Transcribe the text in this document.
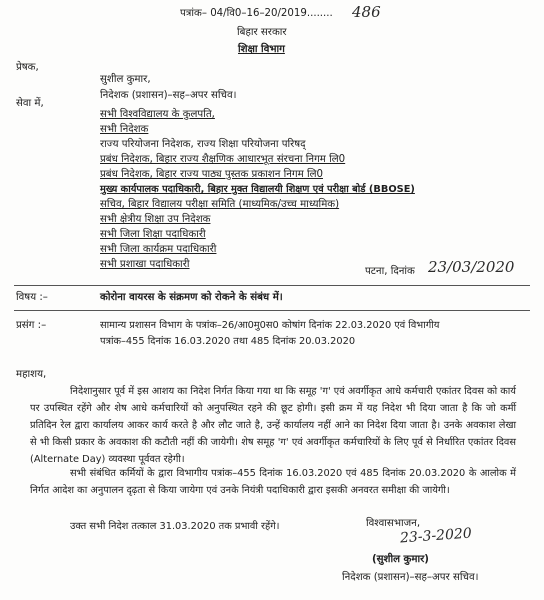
पत्रांक– 04/वि0–16–20/2019........ 486
बिहार सरकार
शिक्षा विभाग
प्रेषक,
सुशील कुमार,
निदेशक (प्रशासन)–सह–अपर सचिव।
सेवा में,
सभी विश्वविद्यालय के कुलपति,
सभी निदेशक
राज्य परियोजना निदेशक, राज्य शिक्षा परियोजना परिषद्
प्रबंध निदेशक, बिहार राज्य शैक्षणिक आधारभूत संरचना निगम लि0
प्रबंध निदेशक, बिहार राज्य पाठ्य पुस्तक प्रकाशन निगम लि0
मुख्य कार्यपालक पदाधिकारी, बिहार मुक्त विद्यालयी शिक्षण एवं परीक्षा बोर्ड (BBOSE)
सचिव, बिहार विद्यालय परीक्षा समिति (माध्यमिक/उच्च माध्यमिक)
सभी क्षेत्रीय शिक्षा उप निदेशक
सभी जिला शिक्षा पदाधिकारी
सभी जिला कार्यक्रम पदाधिकारी
सभी प्रशाखा पदाधिकारी
पटना, दिनांक 23/03/2020
विषय :–	कोरोना वायरस के संक्रमण को रोकने के संबंध में।
प्रसंग :–	सामान्य प्रशासन विभाग के पत्रांक–26/आ0मु0स0 कोषांग दिनांक 22.03.2020 एवं विभागीय
पत्रांक–455 दिनांक 16.03.2020 तथा 485 दिनांक 20.03.2020
महाशय,
निदेशानुसार पूर्व में इस आशय का निदेश निर्गत किया गया था कि समूह 'ग' एवं अवर्गीकृत आधे कर्मचारी एकांतर दिवस को कार्य पर उपस्थित रहेंगे और शेष आधे कर्मचारियों को अनुपस्थित रहने की छूट होगी। इसी क्रम में यह निदेश भी दिया जाता है कि जो कर्मी प्रतिदिन रेल द्वारा कार्यालय आकर कार्य करते है और लौट जाते है, उन्हें कार्यालय नहीं आने का निदेश दिया जाता है। उनके अवकाश लेखा से भी किसी प्रकार के अवकाश की कटौती नहीं की जायेगी। शेष समूह 'ग' एवं अवर्गीकृत कर्मचारियों के लिए पूर्व से निर्धारित एकांतर दिवस (Alternate Day) व्यवस्था पूर्ववत रहेगी।
सभी संबंधित कर्मियों के द्वारा विभागीय पत्रांक–455 दिनांक 16.03.2020 एवं 485 दिनांक 20.03.2020 के आलोक में निर्गत आदेश का अनुपालन दृढ़ता से किया जायेगा एवं उनके नियंत्री पदाधिकारी द्वारा इसकी अनवरत समीक्षा की जायेगी।
उक्त सभी निदेश तत्काल 31.03.2020 तक प्रभावी रहेंगे।	विश्वासभाजन,
23-3-2020
(सुशील कुमार)
निदेशक (प्रशासन)–सह–अपर सचिव।
